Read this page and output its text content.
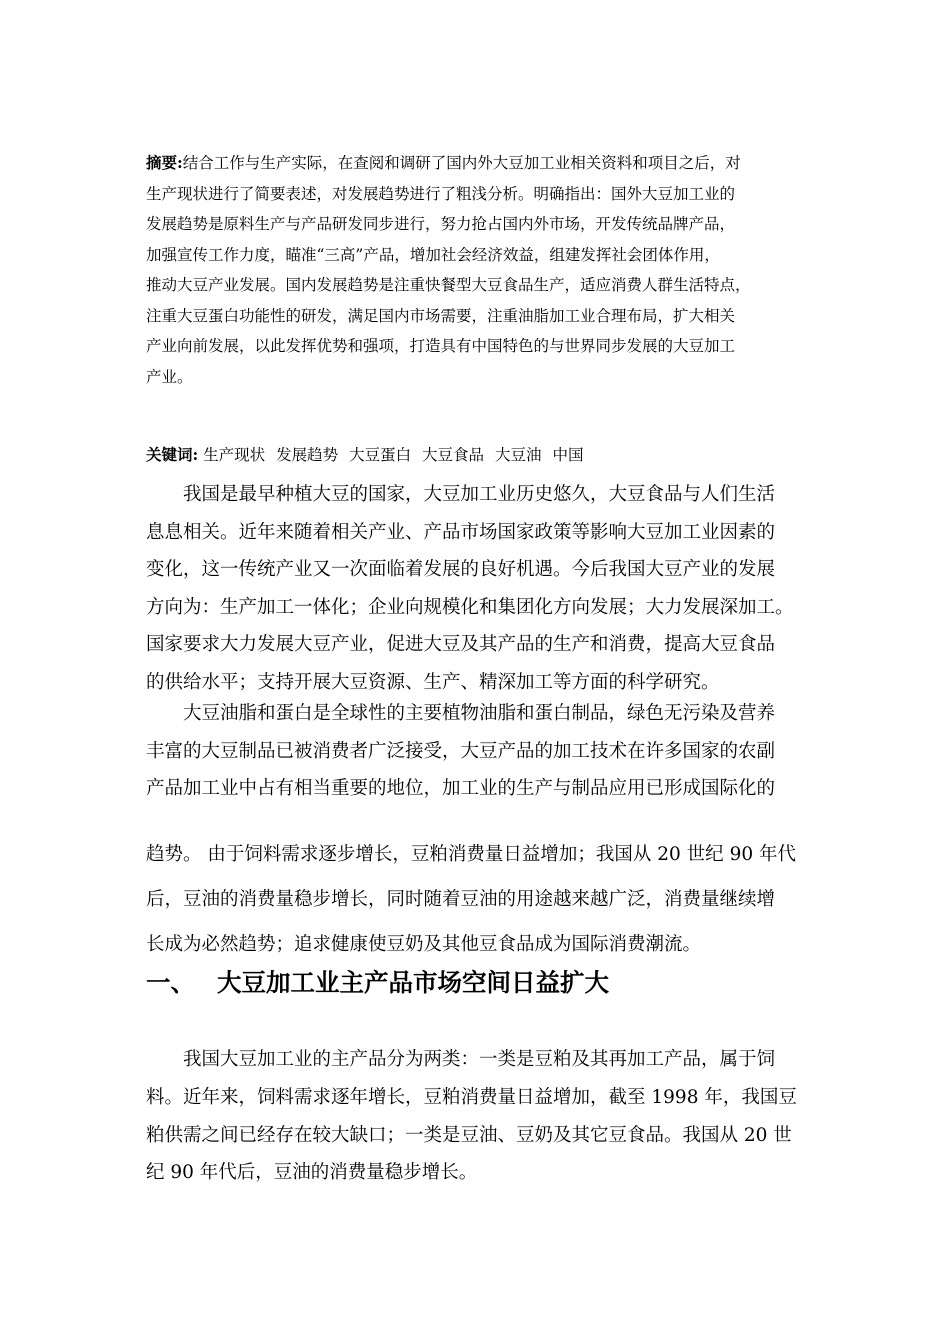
摘要:结合工作与生产实际，在查阅和调研了国内外大豆加工业相关资料和项目之后，对
生产现状进行了简要表述，对发展趋势进行了粗浅分析。明确指出：国外大豆加工业的
发展趋势是原料生产与产品研发同步进行，努力抢占国内外市场，开发传统品牌产品，
加强宣传工作力度，瞄准“三高”产品，增加社会经济效益，组建发挥社会团体作用，
推动大豆产业发展。国内发展趋势是注重快餐型大豆食品生产，适应消费人群生活特点，
注重大豆蛋白功能性的研发，满足国内市场需要，注重油脂加工业合理布局，扩大相关
产业向前发展，以此发挥优势和强项，打造具有中国特色的与世界同步发展的大豆加工
产业。
关键词: 生产现状 发展趋势 大豆蛋白 大豆食品 大豆油 中国
我国是最早种植大豆的国家，大豆加工业历史悠久，大豆食品与人们生活
息息相关。近年来随着相关产业、产品市场国家政策等影响大豆加工业因素的
变化，这一传统产业又一次面临着发展的良好机遇。今后我国大豆产业的发展
方向为：生产加工一体化；企业向规模化和集团化方向发展；大力发展深加工。
国家要求大力发展大豆产业，促进大豆及其产品的生产和消费，提高大豆食品
的供给水平；支持开展大豆资源、生产、精深加工等方面的科学研究。
大豆油脂和蛋白是全球性的主要植物油脂和蛋白制品，绿色无污染及营养
丰富的大豆制品已被消费者广泛接受，大豆产品的加工技术在许多国家的农副
产品加工业中占有相当重要的地位，加工业的生产与制品应用已形成国际化的
趋势。 由于饲料需求逐步增长，豆粕消费量日益增加；我国从 20 世纪 90 年代
后，豆油的消费量稳步增长，同时随着豆油的用途越来越广泛，消费量继续增
长成为必然趋势；追求健康使豆奶及其他豆食品成为国际消费潮流。
一、 大豆加工业主产品市场空间日益扩大
我国大豆加工业的主产品分为两类：一类是豆粕及其再加工产品，属于饲
料。近年来，饲料需求逐年增长，豆粕消费量日益增加，截至 1998 年，我国豆
粕供需之间已经存在较大缺口；一类是豆油、豆奶及其它豆食品。我国从 20 世
纪 90 年代后，豆油的消费量稳步增长。
